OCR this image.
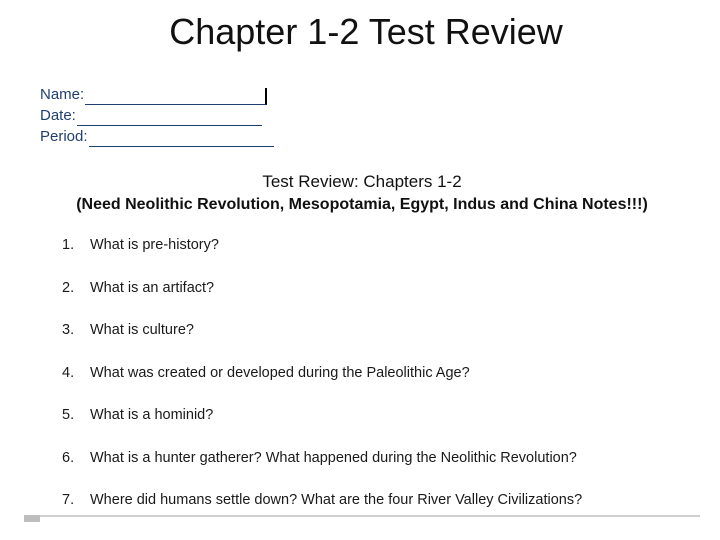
Chapter 1-2 Test Review
Name:
Date:
Period:
Test Review: Chapters 1-2
(Need Neolithic Revolution, Mesopotamia, Egypt, Indus and China Notes!!!)
1.	What is pre-history?
2.	What is an artifact?
3.	What is culture?
4.	What was created or developed during the Paleolithic Age?
5.	What is a hominid?
6.	What is a hunter gatherer? What happened during the Neolithic Revolution?
7.	Where did humans settle down? What are the four River Valley Civilizations?
